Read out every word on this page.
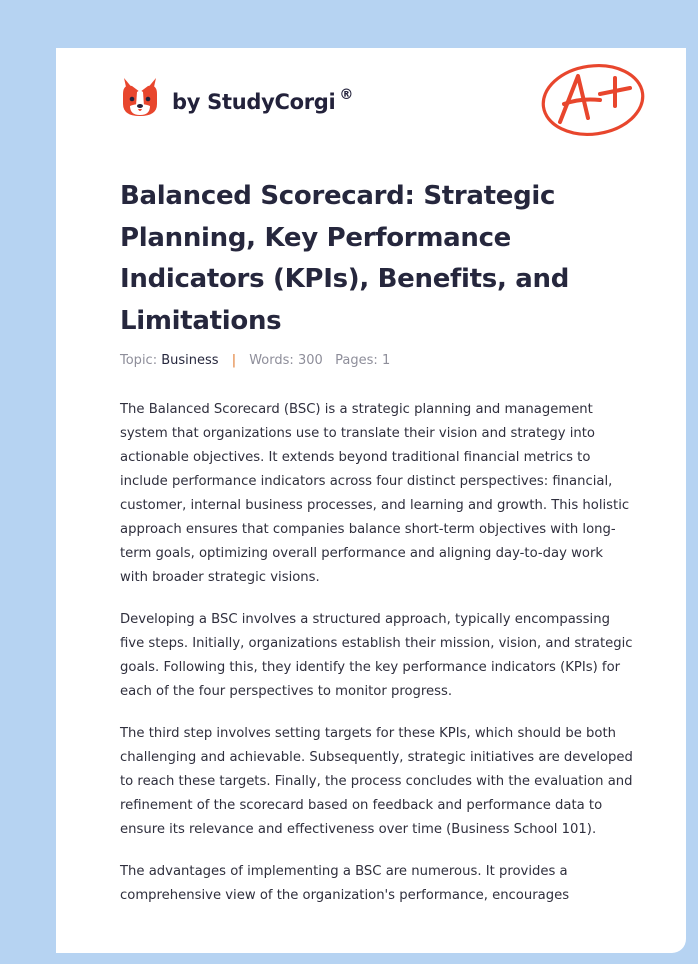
by StudyCorgi ®
Balanced Scorecard: Strategic Planning, Key Performance Indicators (KPIs), Benefits, and Limitations
Topic: Business | Words: 300 Pages: 1

The Balanced Scorecard (BSC) is a strategic planning and management system that organizations use to translate their vision and strategy into actionable objectives. It extends beyond traditional financial metrics to include performance indicators across four distinct perspectives: financial, customer, internal business processes, and learning and growth. This holistic approach ensures that companies balance short-term objectives with long-term goals, optimizing overall performance and aligning day-to-day work with broader strategic visions.

Developing a BSC involves a structured approach, typically encompassing five steps. Initially, organizations establish their mission, vision, and strategic goals. Following this, they identify the key performance indicators (KPIs) for each of the four perspectives to monitor progress.

The third step involves setting targets for these KPIs, which should be both challenging and achievable. Subsequently, strategic initiatives are developed to reach these targets. Finally, the process concludes with the evaluation and refinement of the scorecard based on feedback and performance data to ensure its relevance and effectiveness over time (Business School 101).

The advantages of implementing a BSC are numerous. It provides a comprehensive view of the organization's performance, encourages
